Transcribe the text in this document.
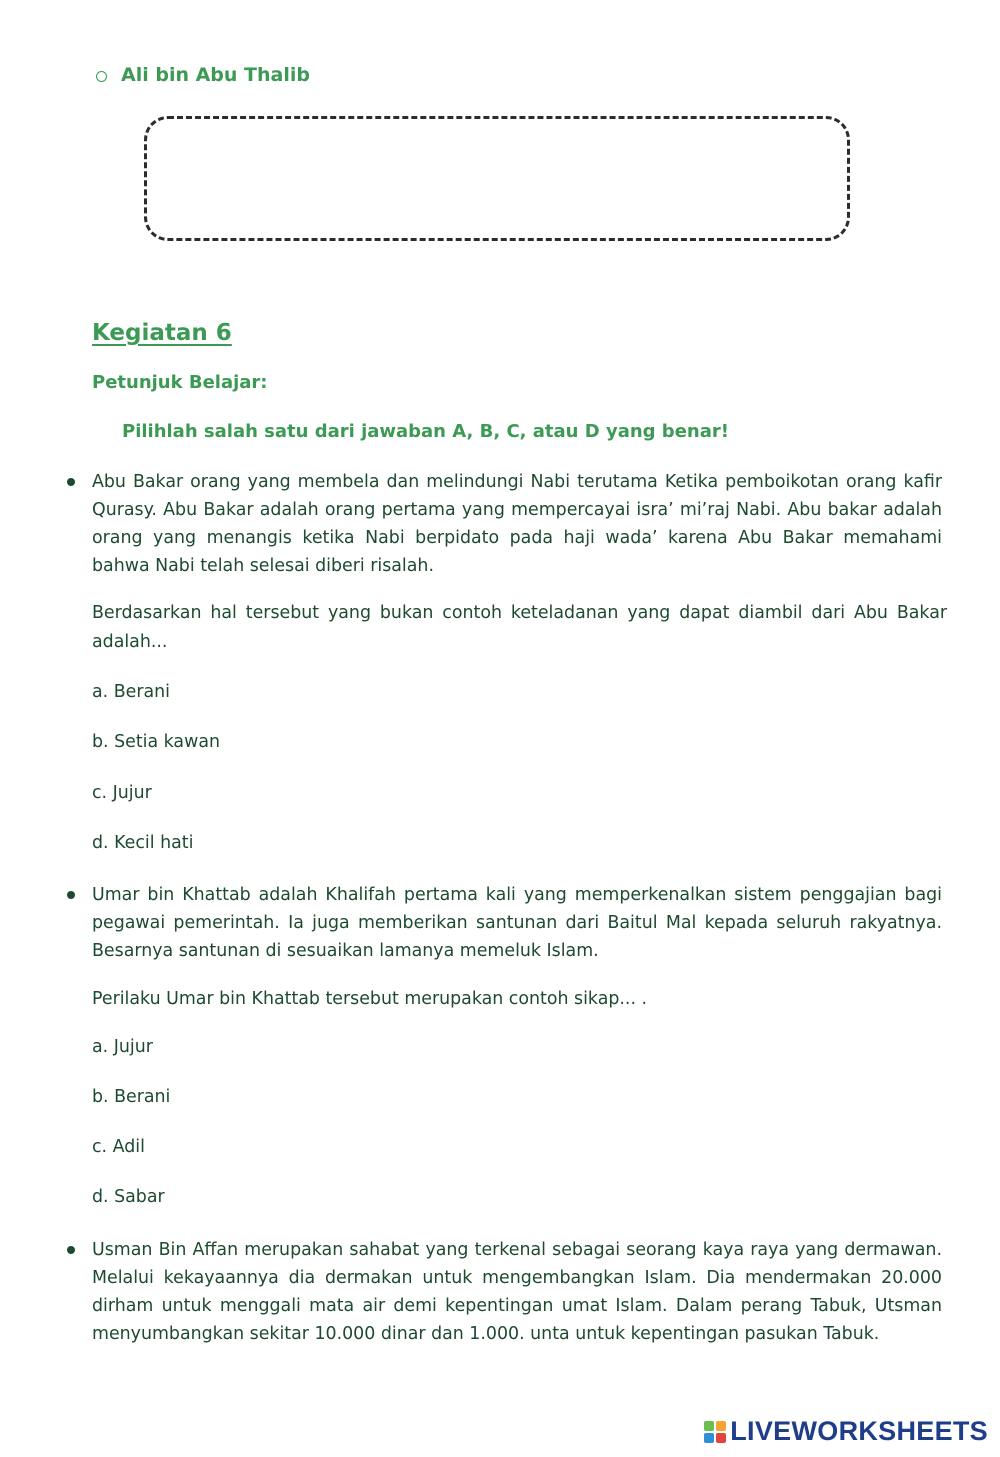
Ali bin Abu Thalib
Kegiatan 6
Petunjuk Belajar:
Pilihlah salah satu dari jawaban A, B, C, atau D yang benar!

Abu Bakar orang yang membela dan melindungi Nabi terutama Ketika pemboikotan orang kafir Qurasy. Abu Bakar adalah orang pertama yang mempercayai isra’ mi’raj Nabi. Abu bakar adalah orang yang menangis ketika Nabi berpidato pada haji wada’ karena Abu Bakar memahami bahwa Nabi telah selesai diberi risalah.

Berdasarkan hal tersebut yang bukan contoh keteladanan yang dapat diambil dari Abu Bakar adalah...

a. Berani
b. Setia kawan
c. Jujur
d. Kecil hati

Umar bin Khattab adalah Khalifah pertama kali yang memperkenalkan sistem penggajian bagi pegawai pemerintah. Ia juga memberikan santunan dari Baitul Mal kepada seluruh rakyatnya. Besarnya santunan di sesuaikan lamanya memeluk Islam.

Perilaku Umar bin Khattab tersebut merupakan contoh sikap... .

a. Jujur
b. Berani
c. Adil
d. Sabar

Usman Bin Affan merupakan sahabat yang terkenal sebagai seorang kaya raya yang dermawan. Melalui kekayaannya dia dermakan untuk mengembangkan Islam. Dia mendermakan 20.000 dirham untuk menggali mata air demi kepentingan umat Islam. Dalam perang Tabuk, Utsman menyumbangkan sekitar 10.000 dinar dan 1.000. unta untuk kepentingan pasukan Tabuk.

LIVEWORKSHEETS
